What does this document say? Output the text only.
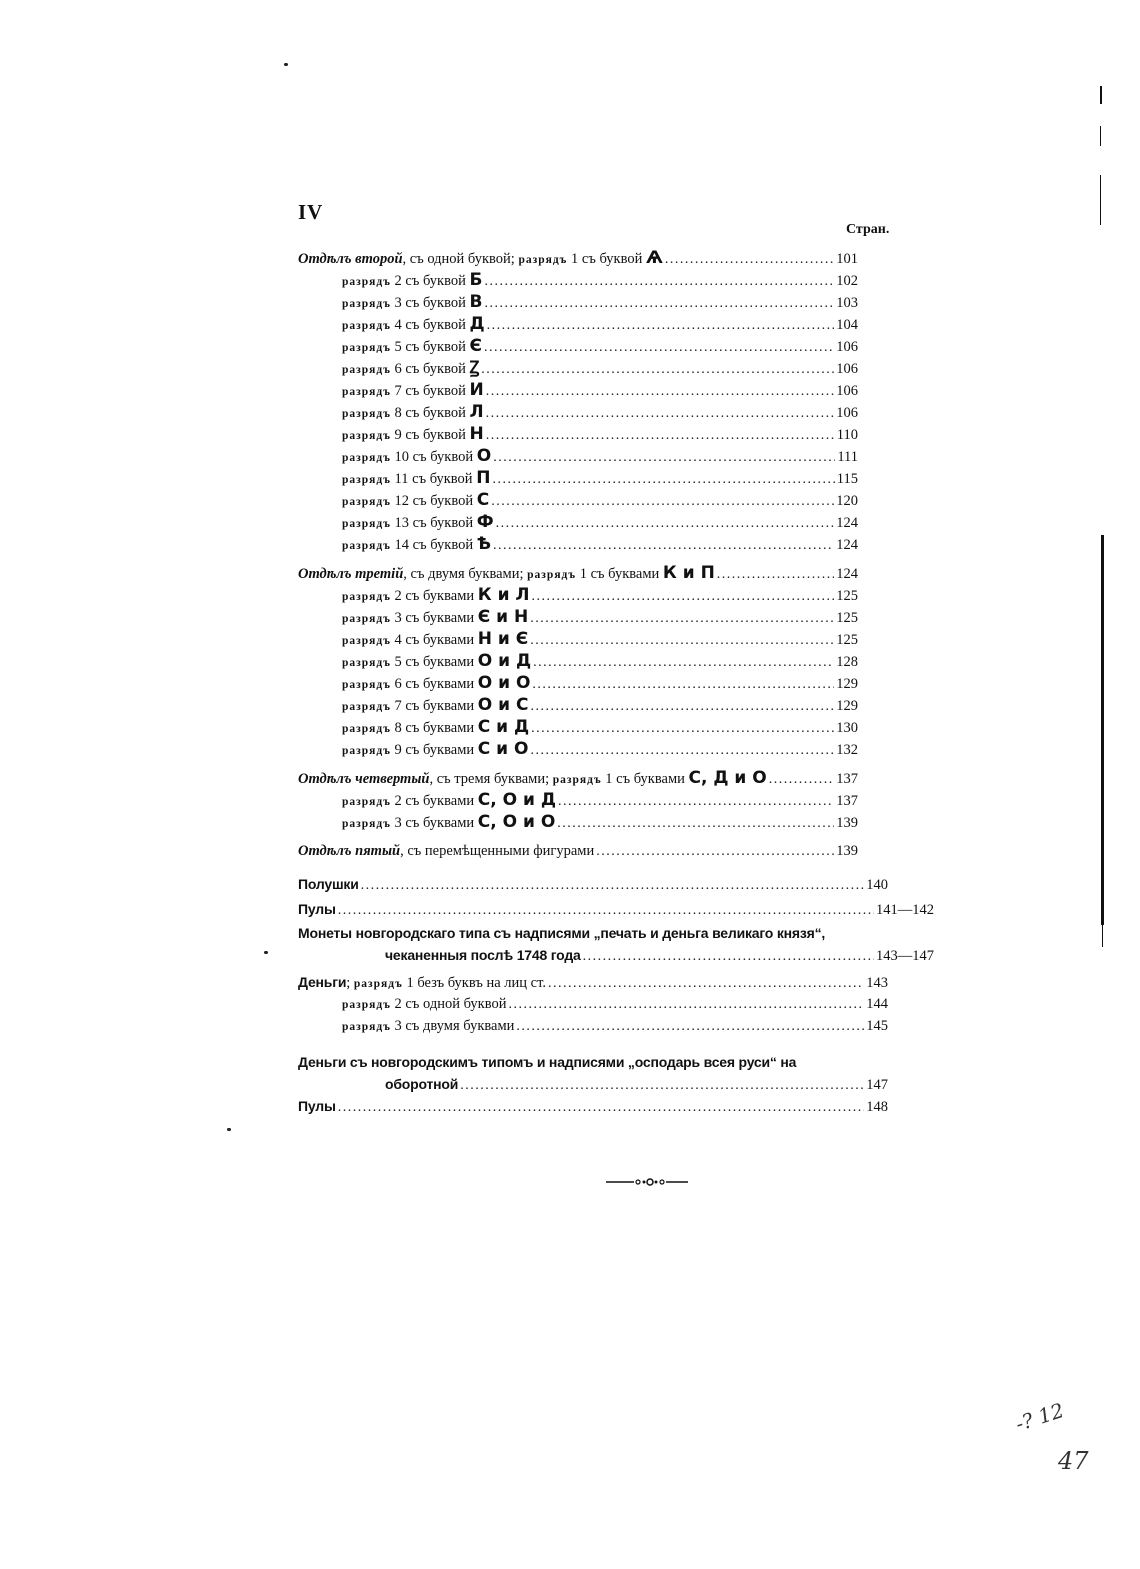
IV
Стран.
Отдѣлъ второй, съ одной буквой; разрядъ 1 съ буквой Ѧ .....	101
разрядъ 2 съ буквой Б .....	102
разрядъ 3 съ буквой В .....	103
разрядъ 4 съ буквой Д .....	104
разрядъ 5 съ буквой Є .....	106
разрядъ 6 съ буквой Ꙁ .....	106
разрядъ 7 съ буквой И .....	106
разрядъ 8 съ буквой Л .....	106
разрядъ 9 съ буквой Н .....	110
разрядъ 10 съ буквой О .....	111
разрядъ 11 съ буквой П .....	115
разрядъ 12 съ буквой С .....	120
разрядъ 13 съ буквой Ф .....	124
разрядъ 14 съ буквой Ѣ .....	124
Отдѣлъ третій, съ двумя буквами; разрядъ 1 съ буквами К и П .....	124
разрядъ 2 съ буквами К и Л .....	125
разрядъ 3 съ буквами Є и Н .....	125
разрядъ 4 съ буквами Н и Є .....	125
разрядъ 5 съ буквами О и Д .....	128
разрядъ 6 съ буквами О и О .....	129
разрядъ 7 съ буквами О и С .....	129
разрядъ 8 съ буквами С и Д .....	130
разрядъ 9 съ буквами С и О .....	132
Отдѣлъ четвертый, съ тремя буквами; разрядъ 1 съ буквами С, Д и О .....	137
разрядъ 2 съ буквами С, О и Д .....	137
разрядъ 3 съ буквами С, О и О .....	139
Отдѣлъ пятый, съ перемѣщенными фигурами .....	139
Полушки .....	140
Пулы .....	141—142
Монеты новгородскаго типа съ надписями „печать и деньга великаго князя“,
чеканенныя послѣ 1748 года .....	143—147
Деньги; разрядъ 1 безъ буквъ на лиц ст. .....	143
разрядъ 2 съ одной буквой .....	144
разрядъ 3 съ двумя буквами .....	145
Деньги съ новгородскимъ типомъ и надписями „осподарь всея руси“ на
оборотной .....	147
Пулы .....	148
-? 12
47
